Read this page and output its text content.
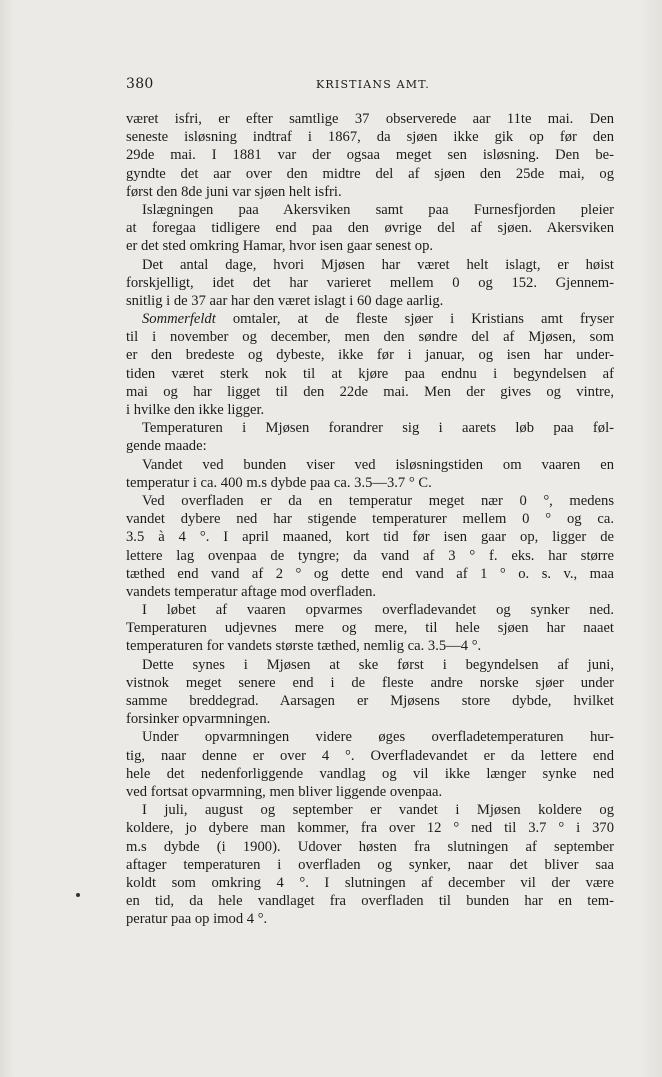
380	KRISTIANS AMT.
været isfri, er efter samtlige 37 observerede aar 11te mai. Den
seneste isløsning indtraf i 1867, da sjøen ikke gik op før den
29de mai. I 1881 var der ogsaa meget sen isløsning. Den be-
gyndte det aar over den midtre del af sjøen den 25de mai, og
først den 8de juni var sjøen helt isfri.
Islægningen paa Akersviken samt paa Furnesfjorden pleier
at foregaa tidligere end paa den øvrige del af sjøen. Akersviken
er det sted omkring Hamar, hvor isen gaar senest op.
Det antal dage, hvori Mjøsen har været helt islagt, er høist
forskjelligt, idet det har varieret mellem 0 og 152. Gjennem-
snitlig i de 37 aar har den været islagt i 60 dage aarlig.
Sommerfeldt omtaler, at de fleste sjøer i Kristians amt fryser
til i november og december, men den søndre del af Mjøsen, som
er den bredeste og dybeste, ikke før i januar, og isen har under-
tiden været sterk nok til at kjøre paa endnu i begyndelsen af
mai og har ligget til den 22de mai. Men der gives og vintre,
i hvilke den ikke ligger.
Temperaturen i Mjøsen forandrer sig i aarets løb paa føl-
gende maade:
Vandet ved bunden viser ved isløsningstiden om vaaren en
temperatur i ca. 400 m.s dybde paa ca. 3.5—3.7 ° C.
Ved overfladen er da en temperatur meget nær 0 °, medens
vandet dybere ned har stigende temperaturer mellem 0 ° og ca.
3.5 à 4 °. I april maaned, kort tid før isen gaar op, ligger de
lettere lag ovenpaa de tyngre; da vand af 3 ° f. eks. har større
tæthed end vand af 2 ° og dette end vand af 1 ° o. s. v., maa
vandets temperatur aftage mod overfladen.
I løbet af vaaren opvarmes overfladevandet og synker ned.
Temperaturen udjevnes mere og mere, til hele sjøen har naaet
temperaturen for vandets største tæthed, nemlig ca. 3.5—4 °.
Dette synes i Mjøsen at ske først i begyndelsen af juni,
vistnok meget senere end i de fleste andre norske sjøer under
samme breddegrad. Aarsagen er Mjøsens store dybde, hvilket
forsinker opvarmningen.
Under opvarmningen videre øges overfladetemperaturen hur-
tig, naar denne er over 4 °. Overfladevandet er da lettere end
hele det nedenforliggende vandlag og vil ikke længer synke ned
ved fortsat opvarmning, men bliver liggende ovenpaa.
I juli, august og september er vandet i Mjøsen koldere og
koldere, jo dybere man kommer, fra over 12 ° ned til 3.7 ° i 370
m.s dybde (i 1900). Udover høsten fra slutningen af september
aftager temperaturen i overfladen og synker, naar det bliver saa
koldt som omkring 4 °. I slutningen af december vil der være
en tid, da hele vandlaget fra overfladen til bunden har en tem-
peratur paa op imod 4 °.
